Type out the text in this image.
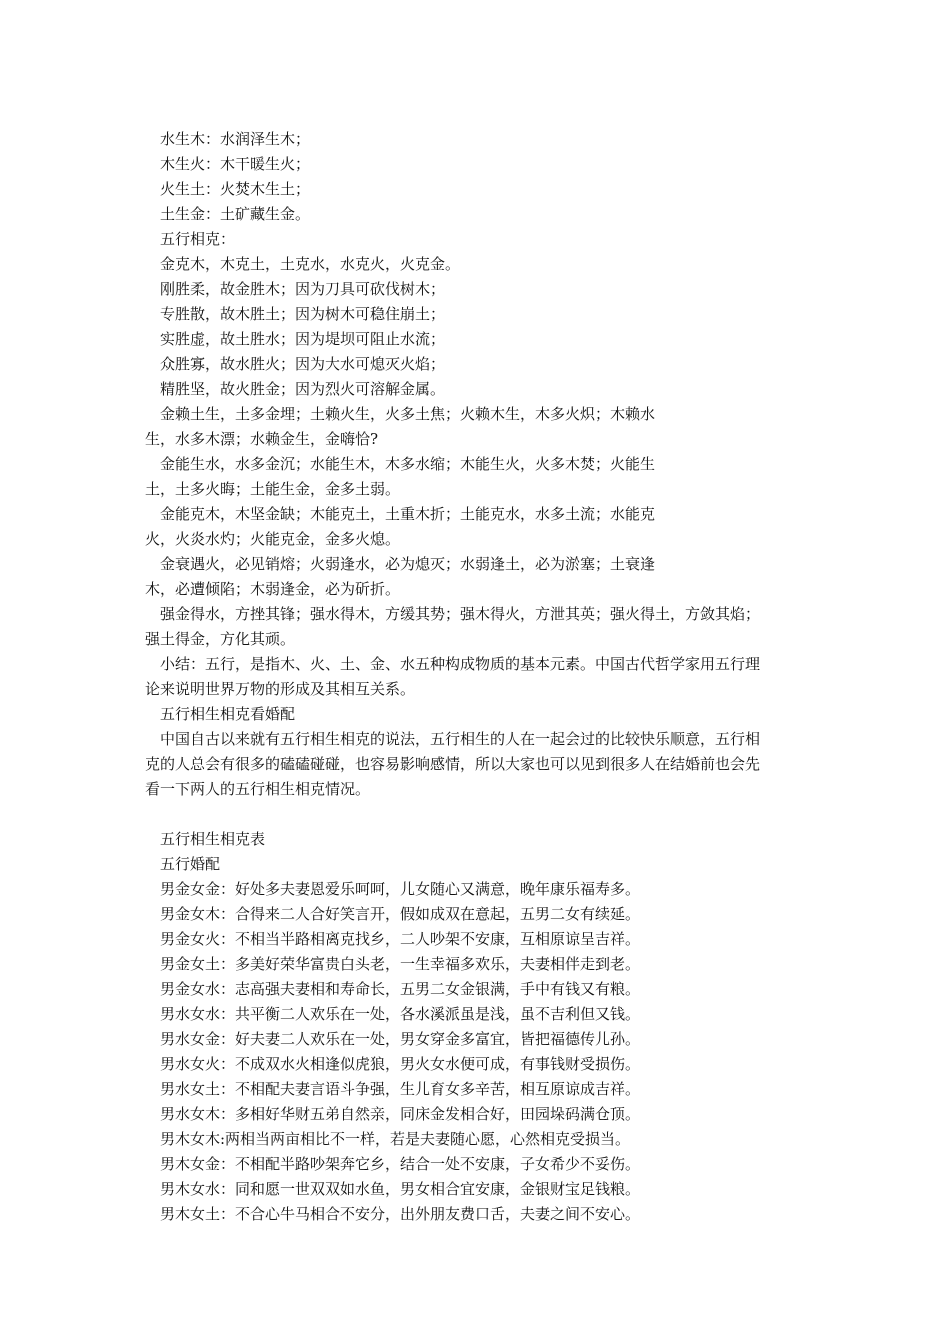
水生木：水润泽生木；

木生火：木干暖生火；

火生土：火焚木生土；

土生金：土矿藏生金。

五行相克：

金克木，木克土，土克水，水克火，火克金。

刚胜柔，故金胜木；因为刀具可砍伐树木；

专胜散，故木胜土；因为树木可稳住崩土；

实胜虚，故土胜水；因为堤坝可阻止水流；

众胜寡，故水胜火；因为大水可熄灭火焰；

精胜坚，故火胜金；因为烈火可溶解金属。

金赖土生，土多金埋；土赖火生，火多土焦；火赖木生，木多火炽；木赖水

生，水多木漂；水赖金生，金嗨恰?

金能生水，水多金沉；水能生木，木多水缩；木能生火，火多木焚；火能生

土，土多火晦；土能生金，金多土弱。

金能克木，木坚金缺；木能克土，土重木折；土能克水，水多土流；水能克

火，火炎水灼；火能克金，金多火熄。

金衰遇火，必见销熔；火弱逢水，必为熄灭；水弱逢土，必为淤塞；土衰逢

木，必遭倾陷；木弱逢金，必为斫折。

强金得水，方挫其锋；强水得木，方缓其势；强木得火，方泄其英；强火得土，方敛其焰；

强土得金，方化其顽。

小结：五行，是指木、火、土、金、水五种构成物质的基本元素。中国古代哲学家用五行理

论来说明世界万物的形成及其相互关系。

五行相生相克看婚配

中国自古以来就有五行相生相克的说法，五行相生的人在一起会过的比较快乐顺意，五行相

克的人总会有很多的磕磕碰碰，也容易影响感情，所以大家也可以见到很多人在结婚前也会先

看一下两人的五行相生相克情况。

五行相生相克表

五行婚配

男金女金：好处多夫妻恩爱乐呵呵，儿女随心又满意，晚年康乐福寿多。

男金女木：合得来二人合好笑言开，假如成双在意起，五男二女有续延。

男金女火：不相当半路相离克找乡，二人吵架不安康，互相原谅呈吉祥。

男金女土：多美好荣华富贵白头老，一生幸福多欢乐，夫妻相伴走到老。

男金女水：志高强夫妻相和寿命长，五男二女金银满，手中有钱又有粮。

男水女水：共平衡二人欢乐在一处，各水溪派虽是浅，虽不吉利但又钱。

男水女金：好夫妻二人欢乐在一处，男女穿金多富宜，皆把福德传儿孙。

男水女火：不成双水火相逢似虎狼，男火女水便可成，有事钱财受损伤。

男水女土：不相配夫妻言语斗争强，生儿育女多辛苦，相互原谅成吉祥。

男水女木：多相好华财五弟自然亲，同床金发相合好，田园垛码满仓顶。

男木女木:两相当两亩相比不一样，若是夫妻随心愿，心然相克受损当。

男木女金：不相配半路吵架奔它乡，结合一处不安康，子女希少不妥伤。

男木女水：同和愿一世双双如水鱼，男女相合宜安康，金银财宝足钱粮。

男木女土：不合心牛马相合不安分，出外朋友费口舌，夫妻之间不安心。
